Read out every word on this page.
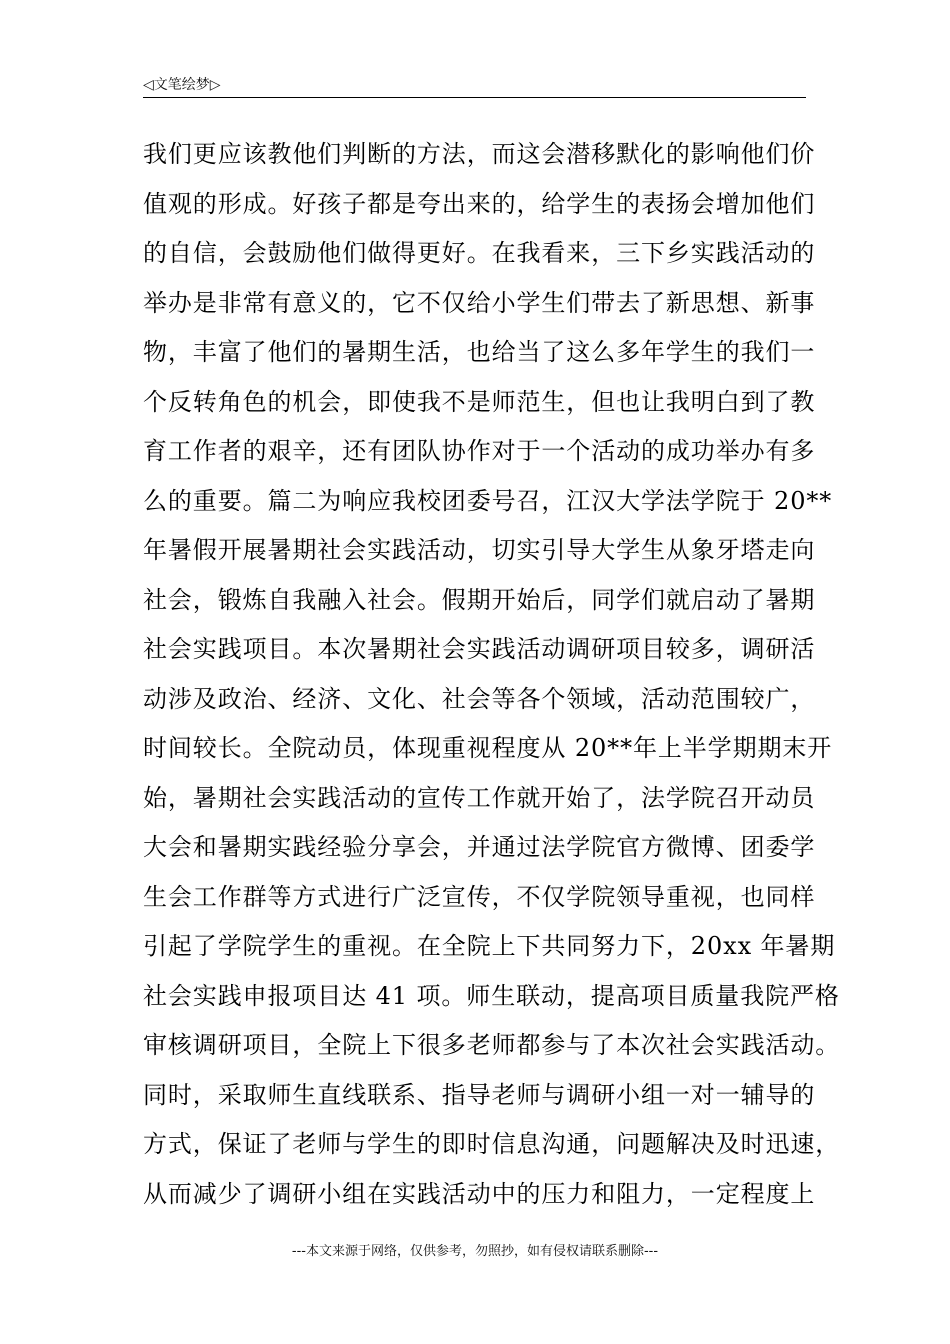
◁文笔绘梦▷
我们更应该教他们判断的方法，而这会潜移默化的影响他们价
值观的形成。好孩子都是夸出来的，给学生的表扬会增加他们
的自信，会鼓励他们做得更好。在我看来，三下乡实践活动的
举办是非常有意义的，它不仅给小学生们带去了新思想、新事
物，丰富了他们的暑期生活，也给当了这么多年学生的我们一
个反转角色的机会，即使我不是师范生，但也让我明白到了教
育工作者的艰辛，还有团队协作对于一个活动的成功举办有多
么的重要。篇二为响应我校团委号召，江汉大学法学院于 20**
年暑假开展暑期社会实践活动，切实引导大学生从象牙塔走向
社会，锻炼自我融入社会。假期开始后，同学们就启动了暑期
社会实践项目。本次暑期社会实践活动调研项目较多，调研活
动涉及政治、经济、文化、社会等各个领域，活动范围较广，
时间较长。全院动员，体现重视程度从 20**年上半学期期末开
始，暑期社会实践活动的宣传工作就开始了，法学院召开动员
大会和暑期实践经验分享会，并通过法学院官方微博、团委学
生会工作群等方式进行广泛宣传，不仅学院领导重视，也同样
引起了学院学生的重视。在全院上下共同努力下，20xx 年暑期
社会实践申报项目达 41 项。师生联动，提高项目质量我院严格
审核调研项目，全院上下很多老师都参与了本次社会实践活动。
同时，采取师生直线联系、指导老师与调研小组一对一辅导的
方式，保证了老师与学生的即时信息沟通，问题解决及时迅速，
从而减少了调研小组在实践活动中的压力和阻力，一定程度上
---本文来源于网络，仅供参考，勿照抄，如有侵权请联系删除---
